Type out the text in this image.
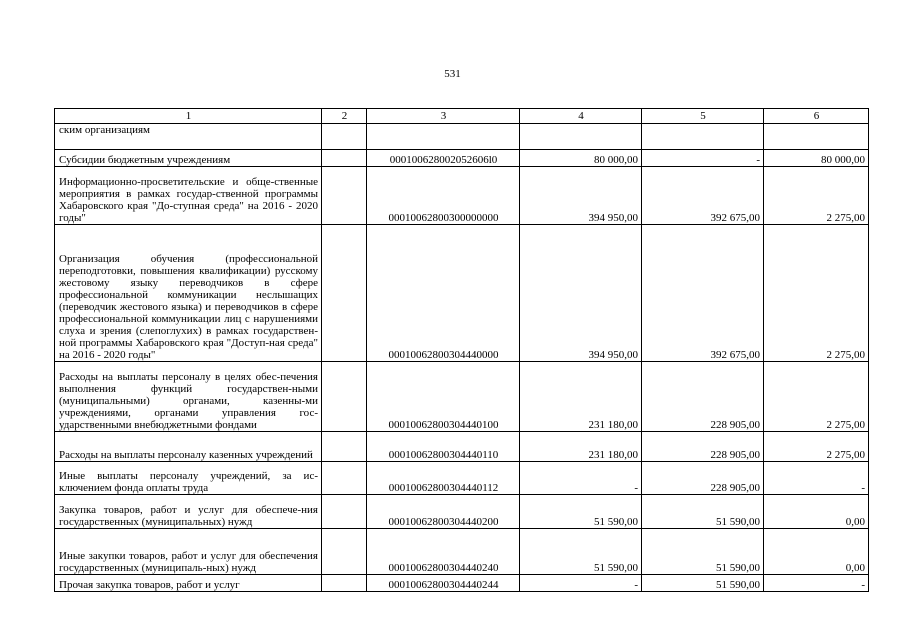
531
1	2	3	4	5	6
ским организациям					
Субсидии бюджетным учреждениям		000100628002052606l0	80 000,00	-	80 000,00
Информационно-просветительские и обще-ственные мероприятия в рамках государ-ственной программы Хабаровского края "До-ступная среда" на 2016 - 2020 годы"		00010062800300000000	394 950,00	392 675,00	2 275,00
Организация обучения (профессиональной переподготовки, повышения квалификации) русскому жестовому языку переводчиков в сфере профессиональной коммуникации неслышащих (переводчик жестового языка) и переводчиков в сфере профессиональной коммуникации лиц с нарушениями слуха и зрения (слепоглухих) в рамках государствен-ной программы Хабаровского края "Доступ-ная среда" на 2016 - 2020 годы"		00010062800304440000	394 950,00	392 675,00	2 275,00
Расходы на выплаты персоналу в целях обес-печения выполнения функций государствен-ными (муниципальными) органами, казенны-ми учреждениями, органами управления гос-ударственными внебюджетными фондами		00010062800304440100	231 180,00	228 905,00	2 275,00
Расходы на выплаты персоналу казенных учреждений		00010062800304440110	231 180,00	228 905,00	2 275,00
Иные выплаты персоналу учреждений, за ис-ключением фонда оплаты труда		00010062800304440112	-	228 905,00	-
Закупка товаров, работ и услуг для обеспече-ния государственных (муниципальных) нужд		00010062800304440200	51 590,00	51 590,00	0,00
Иные закупки товаров, работ и услуг для обеспечения государственных (муниципаль-ных) нужд		00010062800304440240	51 590,00	51 590,00	0,00
Прочая закупка товаров, работ и услуг		00010062800304440244	-	51 590,00	-
